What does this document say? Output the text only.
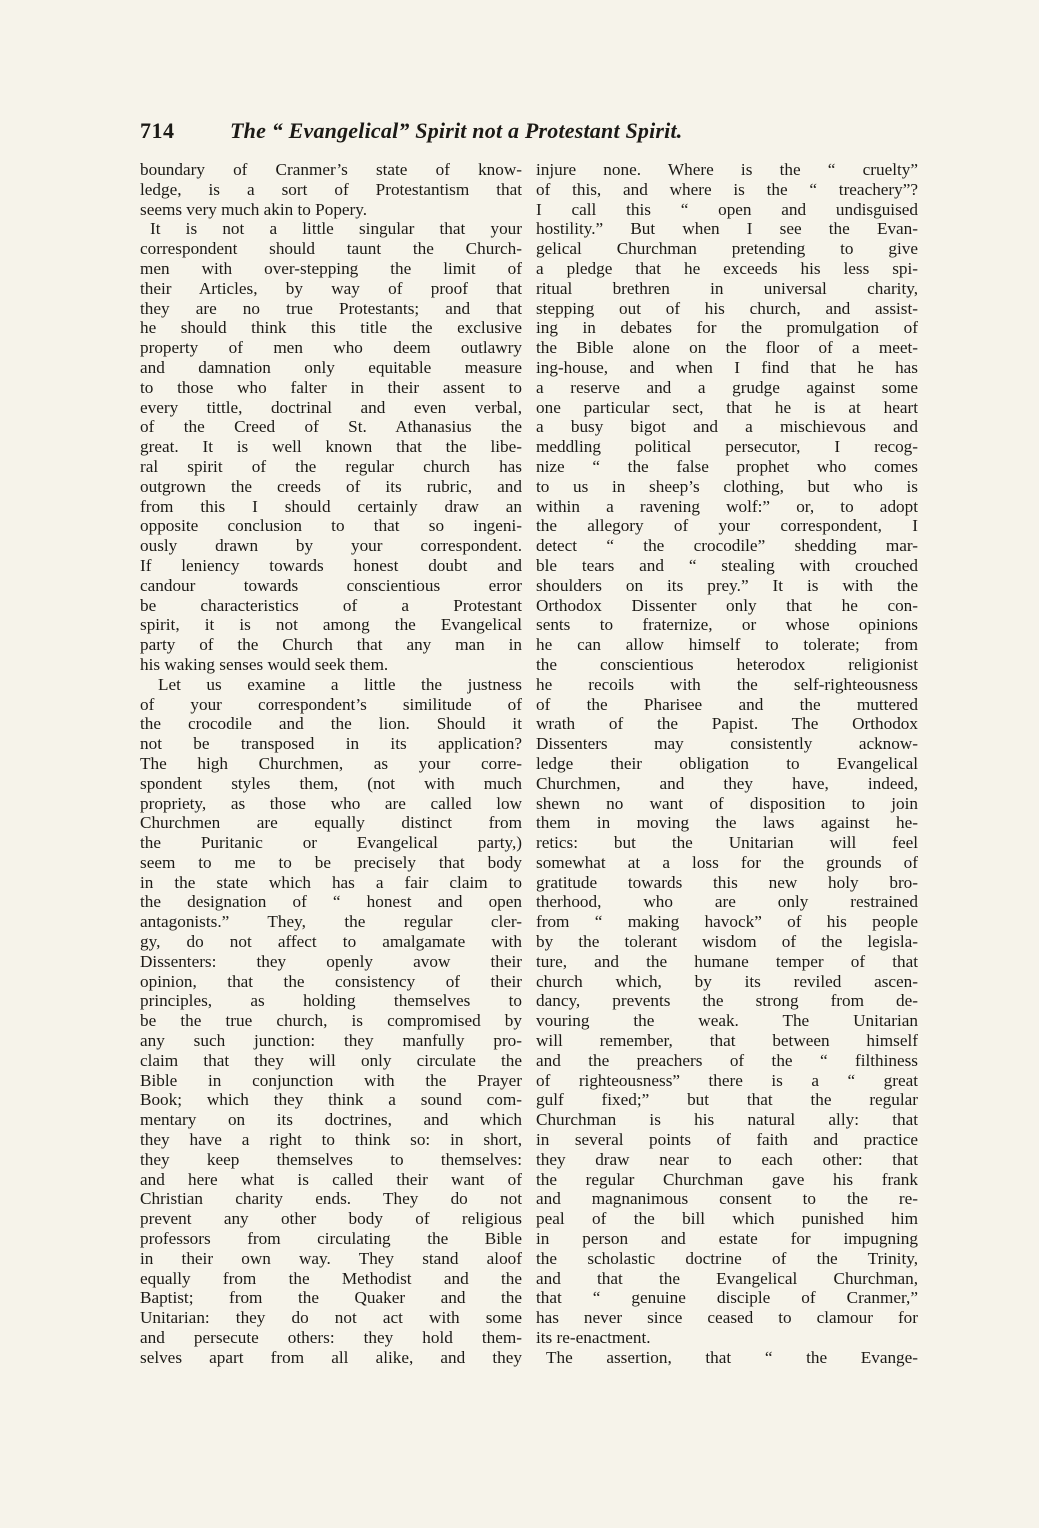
714	The “ Evangelical” Spirit not a Protestant Spirit.
boundary of Cranmer’s state of know-
ledge, is a sort of Protestantism that
seems very much akin to Popery.
It is not a little singular that your
correspondent should taunt the Church-
men with over-stepping the limit of
their Articles, by way of proof that
they are no true Protestants; and that
he should think this title the exclusive
property of men who deem outlawry
and damnation only equitable measure
to those who falter in their assent to
every tittle, doctrinal and even verbal,
of the Creed of St. Athanasius the
great. It is well known that the libe-
ral spirit of the regular church has
outgrown the creeds of its rubric, and
from this I should certainly draw an
opposite conclusion to that so ingeni-
ously drawn by your correspondent.
If leniency towards honest doubt and
candour towards conscientious error
be characteristics of a Protestant
spirit, it is not among the Evangelical
party of the Church that any man in
his waking senses would seek them.
Let us examine a little the justness
of your correspondent’s similitude of
the crocodile and the lion. Should it
not be transposed in its application?
The high Churchmen, as your corre-
spondent styles them, (not with much
propriety, as those who are called low
Churchmen are equally distinct from
the Puritanic or Evangelical party,)
seem to me to be precisely that body
in the state which has a fair claim to
the designation of “ honest and open
antagonists.” They, the regular cler-
gy, do not affect to amalgamate with
Dissenters: they openly avow their
opinion, that the consistency of their
principles, as holding themselves to
be the true church, is compromised by
any such junction: they manfully pro-
claim that they will only circulate the
Bible in conjunction with the Prayer
Book; which they think a sound com-
mentary on its doctrines, and which
they have a right to think so: in short,
they keep themselves to themselves:
and here what is called their want of
Christian charity ends. They do not
prevent any other body of religious
professors from circulating the Bible
in their own way. They stand aloof
equally from the Methodist and the
Baptist; from the Quaker and the
Unitarian: they do not act with some
and persecute others: they hold them-
selves apart from all alike, and they
injure none. Where is the “ cruelty”
of this, and where is the “ treachery”?
I call this “ open and undisguised
hostility.” But when I see the Evan-
gelical Churchman pretending to give
a pledge that he exceeds his less spi-
ritual brethren in universal charity,
stepping out of his church, and assist-
ing in debates for the promulgation of
the Bible alone on the floor of a meet-
ing-house, and when I find that he has
a reserve and a grudge against some
one particular sect, that he is at heart
a busy bigot and a mischievous and
meddling political persecutor, I recog-
nize “ the false prophet who comes
to us in sheep’s clothing, but who is
within a ravening wolf:” or, to adopt
the allegory of your correspondent, I
detect “ the crocodile” shedding mar-
ble tears and “ stealing with crouched
shoulders on its prey.” It is with the
Orthodox Dissenter only that he con-
sents to fraternize, or whose opinions
he can allow himself to tolerate; from
the conscientious heterodox religionist
he recoils with the self-righteousness
of the Pharisee and the muttered
wrath of the Papist. The Orthodox
Dissenters may consistently acknow-
ledge their obligation to Evangelical
Churchmen, and they have, indeed,
shewn no want of disposition to join
them in moving the laws against he-
retics: but the Unitarian will feel
somewhat at a loss for the grounds of
gratitude towards this new holy bro-
therhood, who are only restrained
from “ making havock” of his people
by the tolerant wisdom of the legisla-
ture, and the humane temper of that
church which, by its reviled ascen-
dancy, prevents the strong from de-
vouring the weak. The Unitarian
will remember, that between himself
and the preachers of the “ filthiness
of righteousness” there is a “ great
gulf fixed;” but that the regular
Churchman is his natural ally: that
in several points of faith and practice
they draw near to each other: that
the regular Churchman gave his frank
and magnanimous consent to the re-
peal of the bill which punished him
in person and estate for impugning
the scholastic doctrine of the Trinity,
and that the Evangelical Churchman,
that “ genuine disciple of Cranmer,”
has never since ceased to clamour for
its re-enactment.
The assertion, that “ the Evange-
